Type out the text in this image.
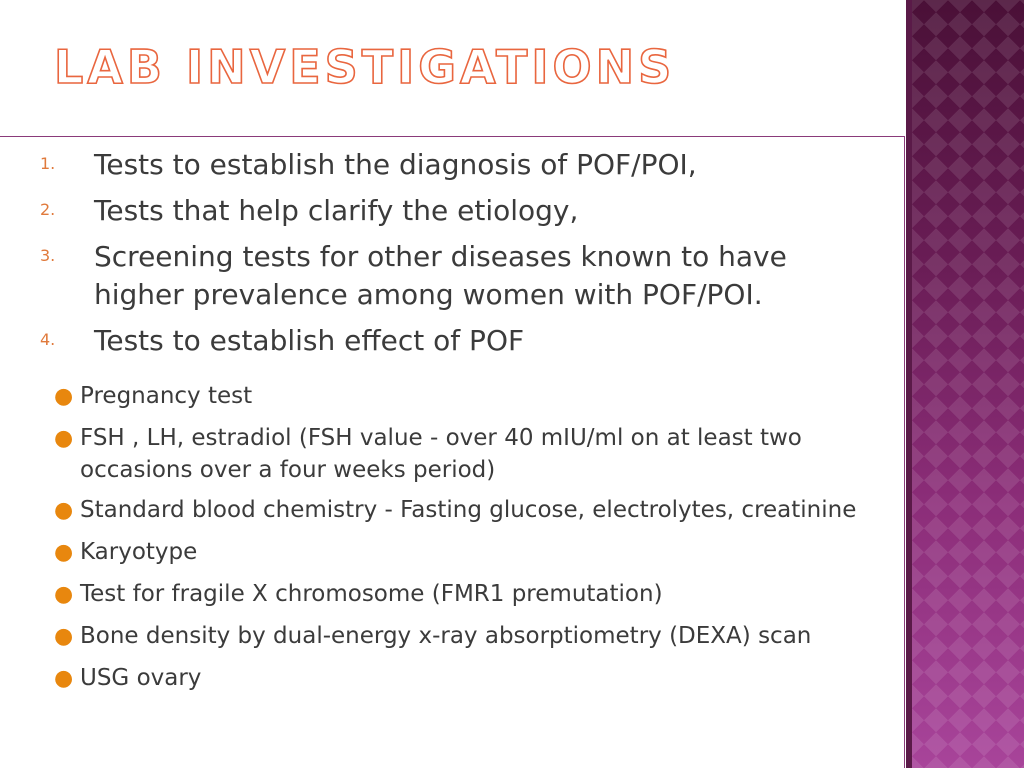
LAB INVESTIGATIONS
1.	Tests to establish the diagnosis of POF/POI,
2.	Tests that help clarify the etiology,
3.	Screening tests for other diseases known to have higher prevalence among women with POF/POI.
4.	Tests to establish effect of POF
● Pregnancy test
● FSH , LH, estradiol (FSH value - over 40 mIU/ml on at least two occasions over a four weeks period)
● Standard blood chemistry - Fasting glucose, electrolytes, creatinine
● Karyotype
● Test for fragile X chromosome (FMR1 premutation)
● Bone density by dual-energy x-ray absorptiometry (DEXA) scan
● USG ovary
